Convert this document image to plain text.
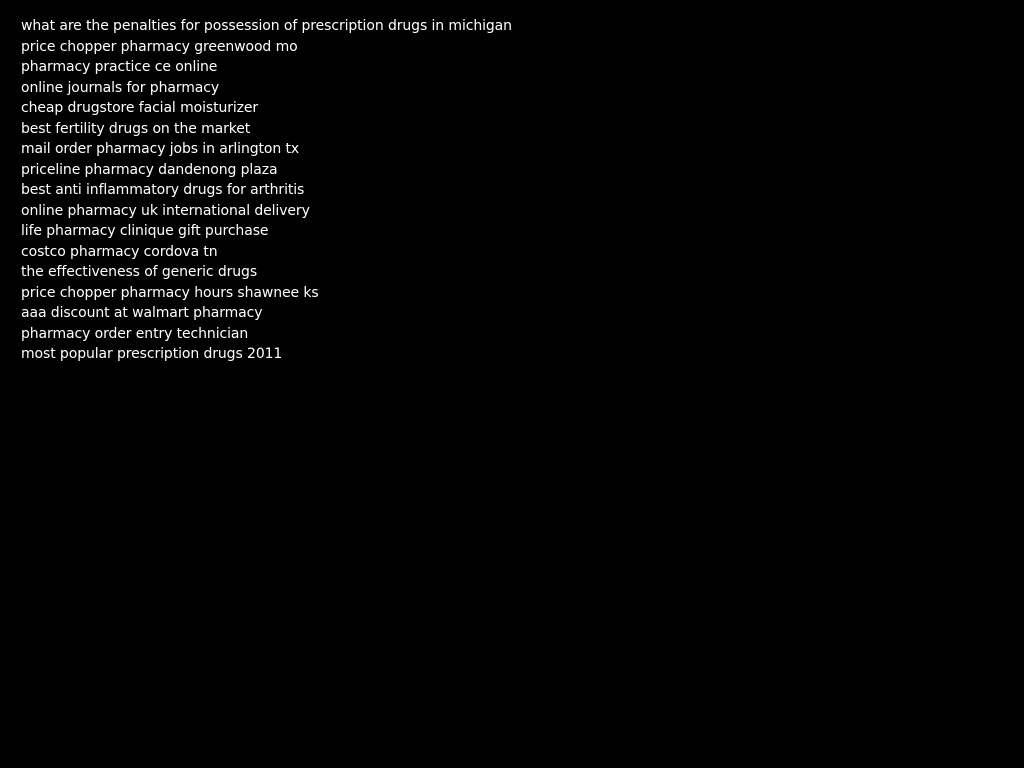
what are the penalties for possession of prescription drugs in michigan
price chopper pharmacy greenwood mo
pharmacy practice ce online
online journals for pharmacy
cheap drugstore facial moisturizer
best fertility drugs on the market
mail order pharmacy jobs in arlington tx
priceline pharmacy dandenong plaza
best anti inflammatory drugs for arthritis
online pharmacy uk international delivery
life pharmacy clinique gift purchase
costco pharmacy cordova tn
the effectiveness of generic drugs
price chopper pharmacy hours shawnee ks
aaa discount at walmart pharmacy
pharmacy order entry technician
most popular prescription drugs 2011
